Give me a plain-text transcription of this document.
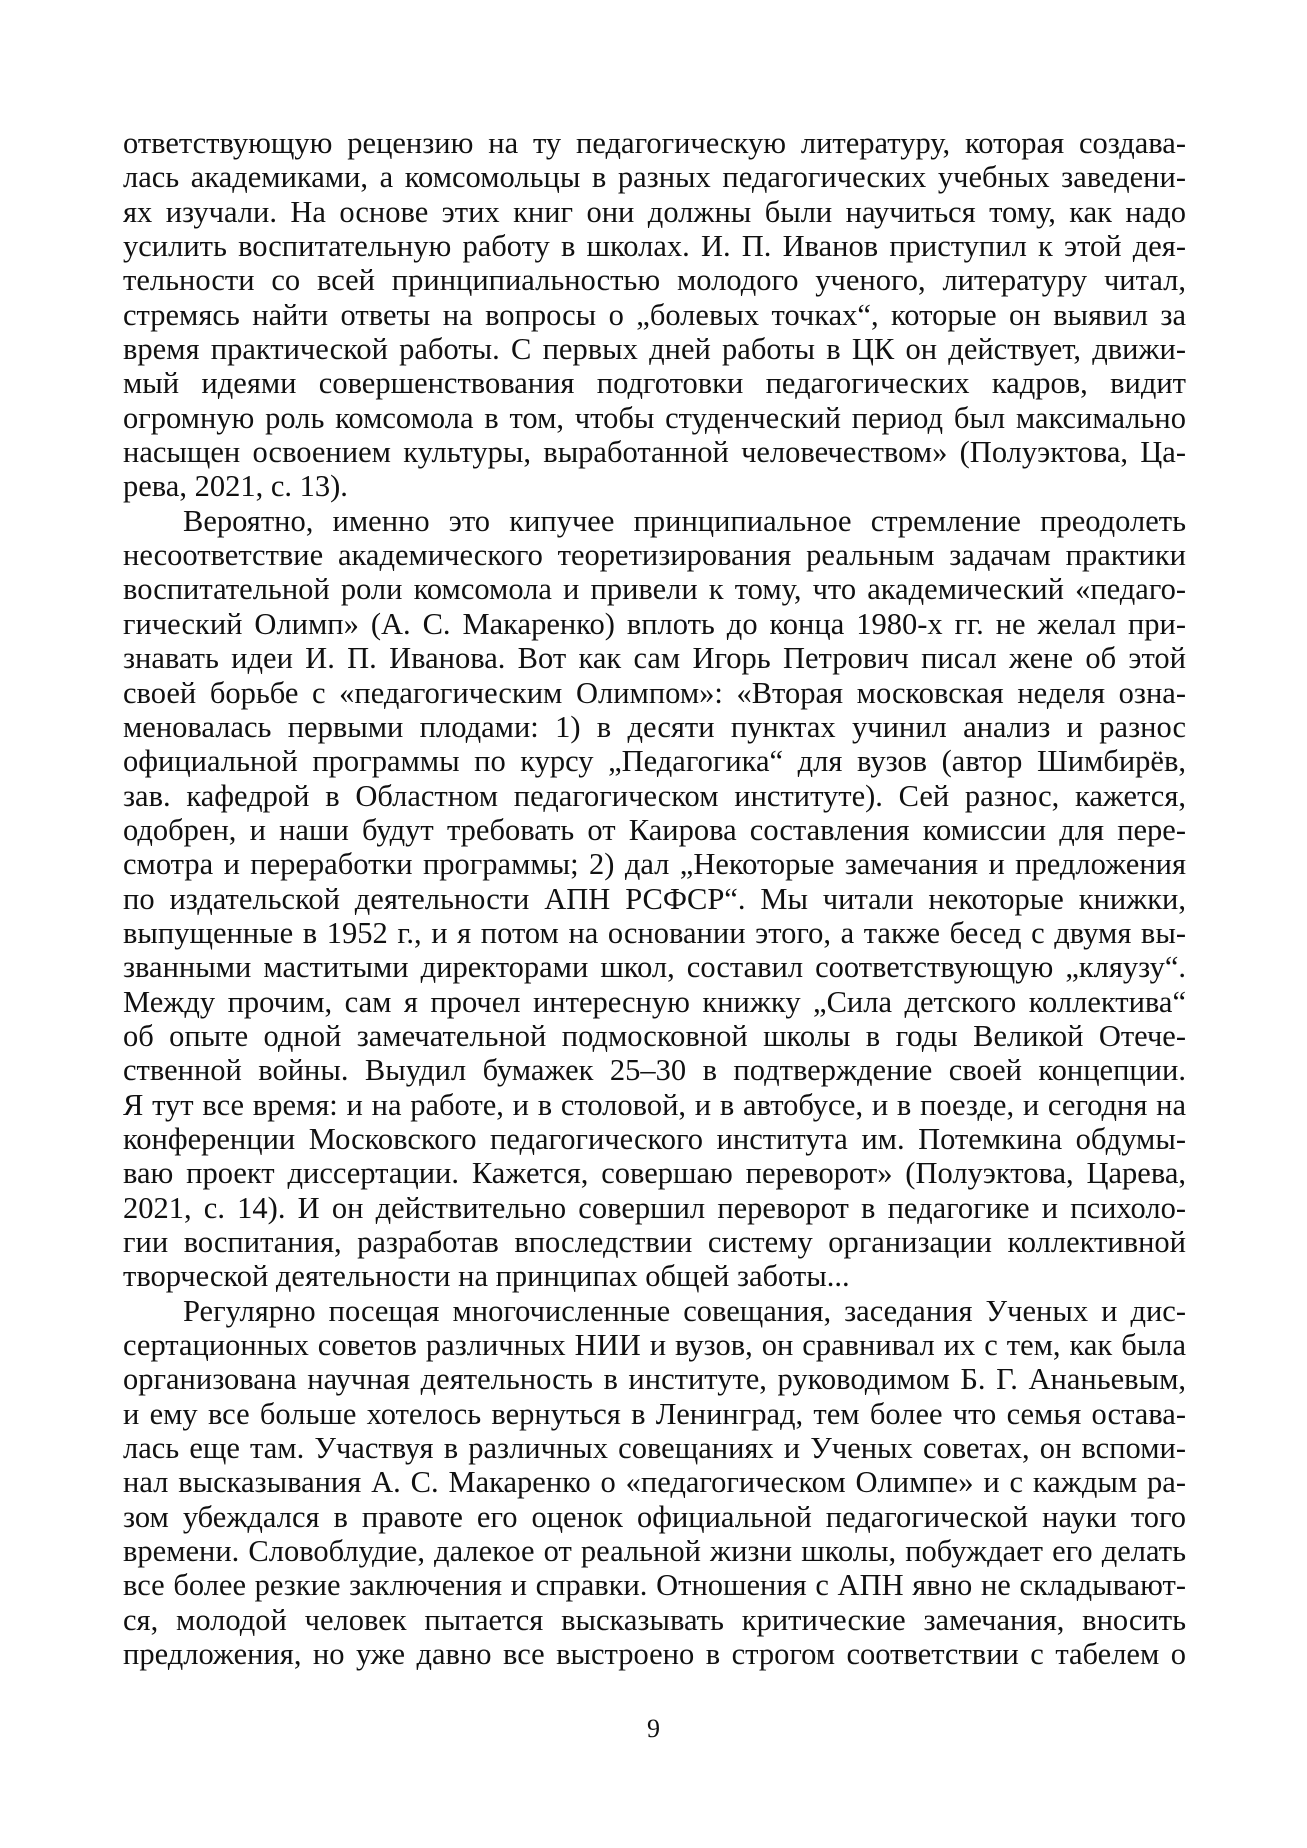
ответствующую рецензию на ту педагогическую литературу, которая создава-
лась академиками, а комсомольцы в разных педагогических учебных заведени-
ях изучали. На основе этих книг они должны были научиться тому, как надо
усилить воспитательную работу в школах. И. П. Иванов приступил к этой дея-
тельности со всей принципиальностью молодого ученого, литературу читал,
стремясь найти ответы на вопросы о „болевых точках“, которые он выявил за
время практической работы. С первых дней работы в ЦК он действует, движи-
мый идеями совершенствования подготовки педагогических кадров, видит
огромную роль комсомола в том, чтобы студенческий период был максимально
насыщен освоением культуры, выработанной человечеством» (Полуэктова, Ца-
рева, 2021, с. 13).
Вероятно, именно это кипучее принципиальное стремление преодолеть
несоответствие академического теоретизирования реальным задачам практики
воспитательной роли комсомола и привели к тому, что академический «педаго-
гический Олимп» (А. С. Макаренко) вплоть до конца 1980-х гг. не желал при-
знавать идеи И. П. Иванова. Вот как сам Игорь Петрович писал жене об этой
своей борьбе с «педагогическим Олимпом»: «Вторая московская неделя озна-
меновалась первыми плодами: 1) в десяти пунктах учинил анализ и разнос
официальной программы по курсу „Педагогика“ для вузов (автор Шимбирёв,
зав. кафедрой в Областном педагогическом институте). Сей разнос, кажется,
одобрен, и наши будут требовать от Каирова составления комиссии для пере-
смотра и переработки программы; 2) дал „Некоторые замечания и предложения
по издательской деятельности АПН РСФСР“. Мы читали некоторые книжки,
выпущенные в 1952 г., и я потом на основании этого, а также бесед с двумя вы-
званными маститыми директорами школ, составил соответствующую „кляузу“.
Между прочим, сам я прочел интересную книжку „Сила детского коллектива“
об опыте одной замечательной подмосковной школы в годы Великой Отече-
ственной войны. Выудил бумажек 25–30 в подтверждение своей концепции.
Я тут все время: и на работе, и в столовой, и в автобусе, и в поезде, и сегодня на
конференции Московского педагогического института им. Потемкина обдумы-
ваю проект диссертации. Кажется, совершаю переворот» (Полуэктова, Царева,
2021, с. 14). И он действительно совершил переворот в педагогике и психоло-
гии воспитания, разработав впоследствии систему организации коллективной
творческой деятельности на принципах общей заботы...
Регулярно посещая многочисленные совещания, заседания Ученых и дис-
сертационных советов различных НИИ и вузов, он сравнивал их с тем, как была
организована научная деятельность в институте, руководимом Б. Г. Ананьевым,
и ему все больше хотелось вернуться в Ленинград, тем более что семья остава-
лась еще там. Участвуя в различных совещаниях и Ученых советах, он вспоми-
нал высказывания А. С. Макаренко о «педагогическом Олимпе» и с каждым ра-
зом убеждался в правоте его оценок официальной педагогической науки того
времени. Словоблудие, далекое от реальной жизни школы, побуждает его делать
все более резкие заключения и справки. Отношения с АПН явно не складывают-
ся, молодой человек пытается высказывать критические замечания, вносить
предложения, но уже давно все выстроено в строгом соответствии с табелем о
9
